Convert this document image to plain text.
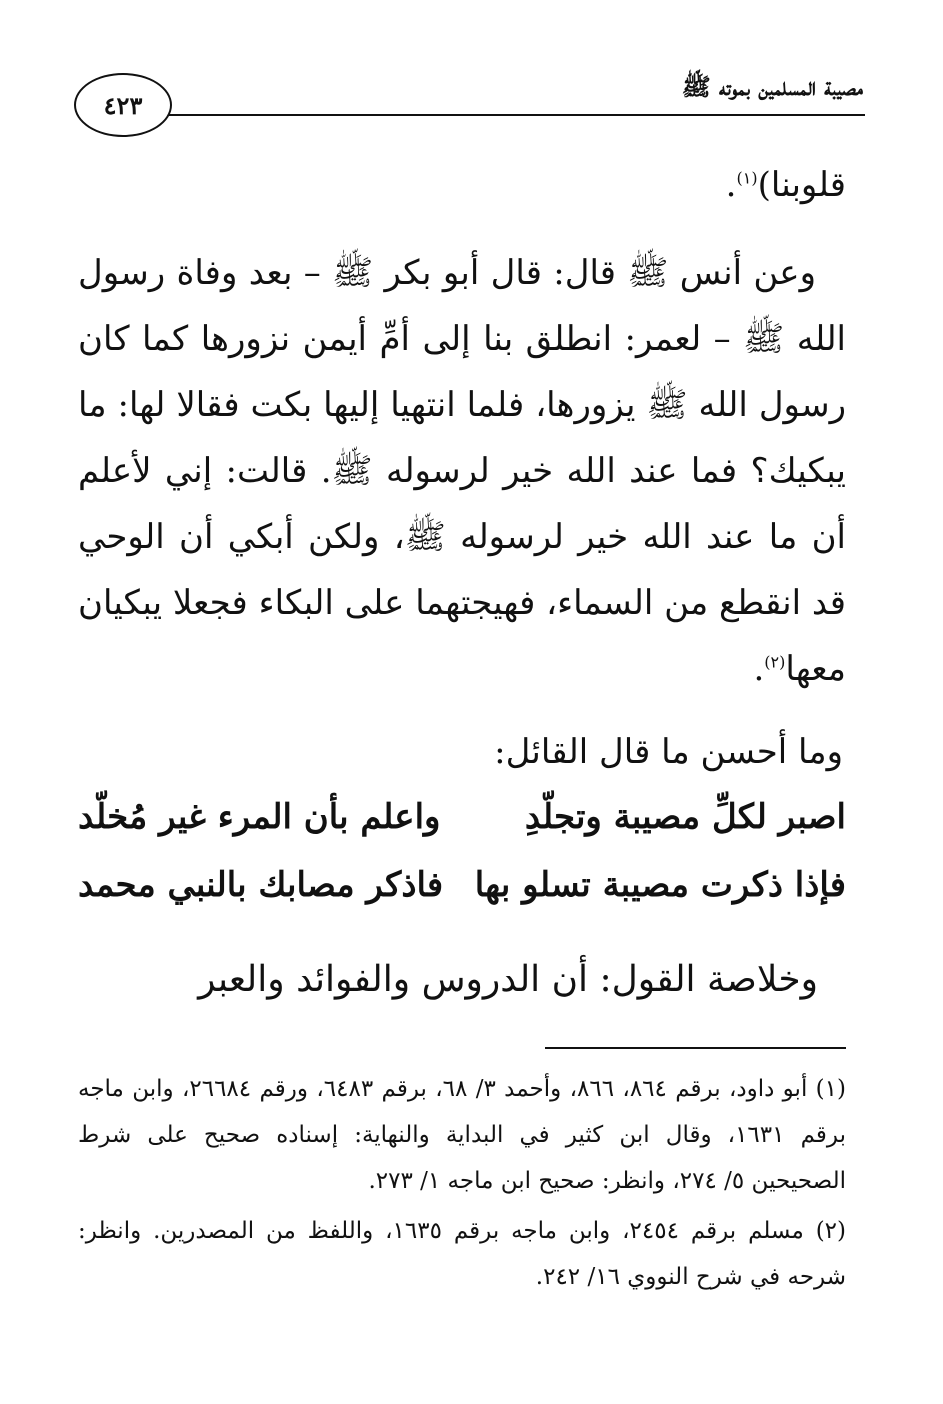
٤٢٣
مصيبة المسلمين بموته ﷺ

قلوبنا)$^{(١)}$.

وعن أنس ﷺ قال: قال أبو بكر ﷺ – بعد وفاة رسول الله ﷺ – لعمر: انطلق بنا إلى أمِّ أيمن نزورها كما كان رسول الله ﷺ يزورها، فلما انتهيا إليها بكت فقالا لها: ما يبكيك؟ فما عند الله خير لرسوله ﷺ. قالت: إني لأعلم أن ما عند الله خير لرسوله ﷺ، ولكن أبكي أن الوحي قد انقطع من السماء، فهيجتهما على البكاء فجعلا يبكيان معها$^{(٢)}$.

وما أحسن ما قال القائل:
اصبر لكلِّ مصيبة وتجلّدِ
واعلم بأن المرء غير مُخلّد
فإذا ذكرت مصيبة تسلو بها
فاذكر مصابك بالنبي محمد
وخلاصة القول: أن الدروس والفوائد والعبر

(١) أبو داود، برقم ٨٦٤، ٨٦٦، وأحمد ٣/ ٦٨، برقم ٦٤٨٣، ورقم ٢٦٦٨٤، وابن ماجه برقم ١٦٣١، وقال ابن كثير في البداية والنهاية: إسناده صحيح على شرط الصحيحين ٥/ ٢٧٤، وانظر: صحيح ابن ماجه ١/ ٢٧٣.

(٢) مسلم برقم ٢٤٥٤، وابن ماجه برقم ١٦٣٥، واللفظ من المصدرين. وانظر: شرحه في شرح النووي ١٦/ ٢٤٢.
